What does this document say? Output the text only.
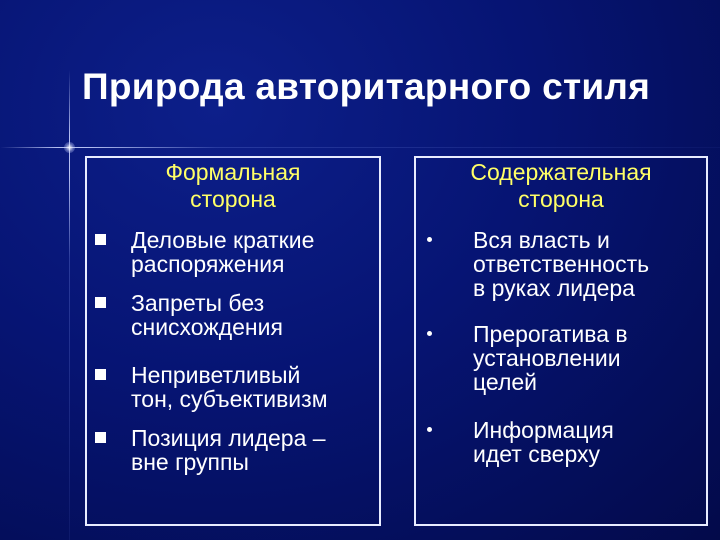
Природа авторитарного стиля
Формальная
сторона
Деловые краткие
распоряжения
Запреты без
снисхождения
Неприветливый
тон, субъективизм
Позиция лидера –
вне группы
Содержательная
сторона
Вся власть и
ответственность
в руках лидера
Прерогатива в
установлении
целей
Информация
идет сверху
